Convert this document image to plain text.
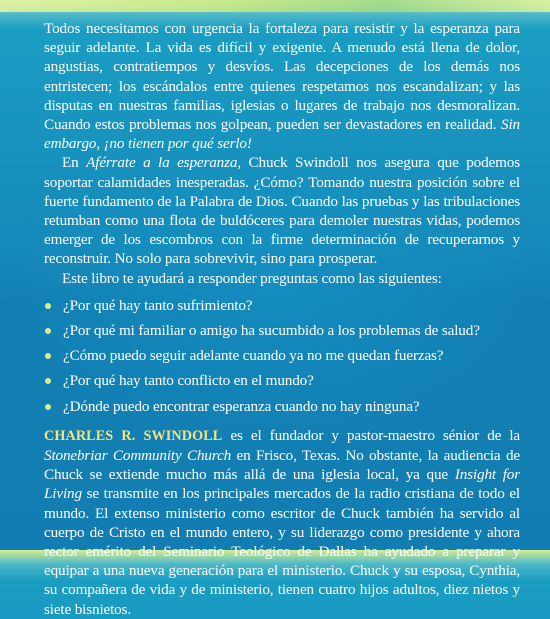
Todos necesitamos con urgencia la fortaleza para resistir y la esperanza para seguir adelante. La vida es difícil y exigente. A menudo está llena de dolor, angustias, contratiempos y desvíos. Las decepciones de los demás nos entristecen; los escándalos entre quienes respetamos nos escandalizan; y las disputas en nuestras familias, iglesias o lugares de trabajo nos desmoralizan. Cuando estos problemas nos golpean, pueden ser devastadores en realidad. Sin embargo, ¡no tienen por qué serlo!

En Aférrate a la esperanza, Chuck Swindoll nos asegura que podemos soportar calamidades inesperadas. ¿Cómo? Tomando nuestra posición sobre el fuerte fundamento de la Palabra de Dios. Cuando las pruebas y las tribulaciones retumban como una flota de buldóceres para demoler nuestras vidas, podemos emerger de los escombros con la firme determinación de recuperarnos y reconstruir. No solo para sobrevivir, sino para prosperar.

Este libro te ayudará a responder preguntas como las siguientes:

¿Por qué hay tanto sufrimiento?
¿Por qué mi familiar o amigo ha sucumbido a los problemas de salud?
¿Cómo puedo seguir adelante cuando ya no me quedan fuerzas?
¿Por qué hay tanto conflicto en el mundo?
¿Dónde puedo encontrar esperanza cuando no hay ninguna?

CHARLES R. SWINDOLL es el fundador y pastor-maestro sénior de la Stonebriar Community Church en Frisco, Texas. No obstante, la audiencia de Chuck se extiende mucho más allá de una iglesia local, ya que Insight for Living se transmite en los principales mercados de la radio cristiana de todo el mundo. El extenso ministerio como escritor de Chuck también ha servido al cuerpo de Cristo en el mundo entero, y su liderazgo como presidente y ahora rector emérito del Seminario Teológico de Dallas ha ayudado a preparar y equipar a una nueva generación para el ministerio. Chuck y su esposa, Cynthia, su compañera de vida y de ministerio, tienen cuatro hijos adultos, diez nietos y siete bisnietos.
